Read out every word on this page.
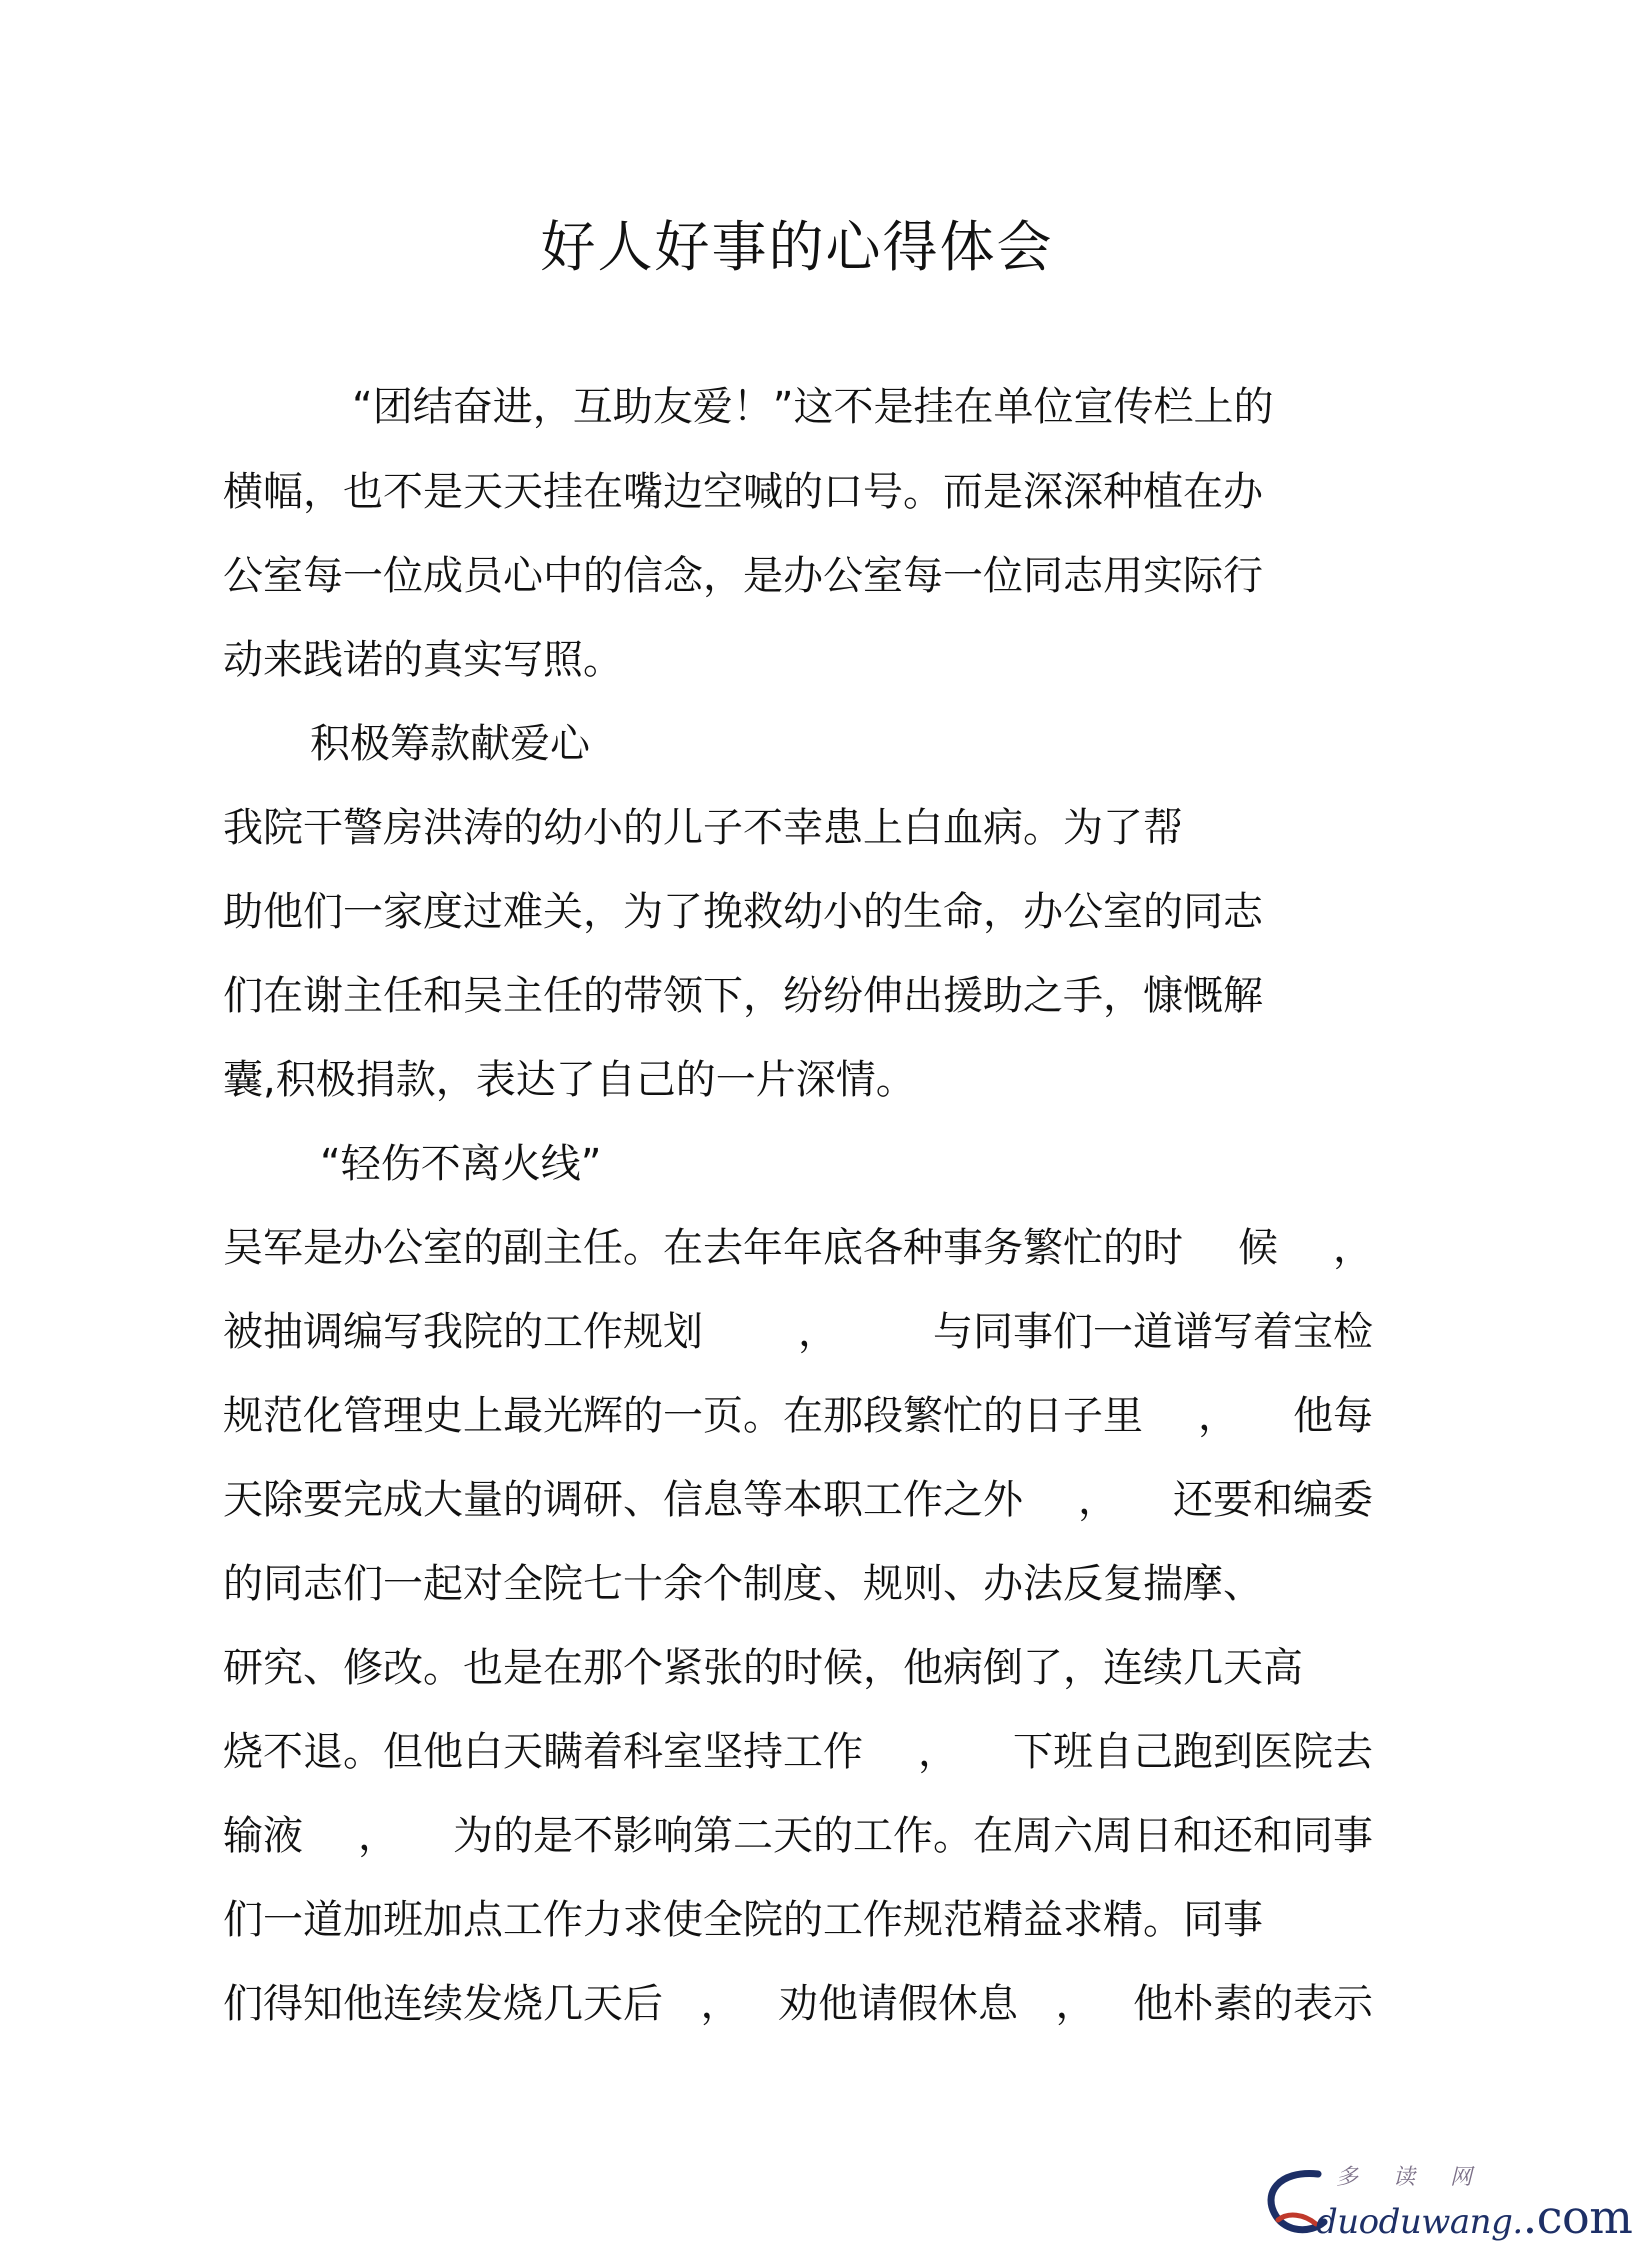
好人好事的心得体会
“团结奋进，互助友爱！”这不是挂在单位宣传栏上的
横幅，也不是天天挂在嘴边空喊的口号。而是深深种植在办
公室每一位成员心中的信念，是办公室每一位同志用实际行
动来践诺的真实写照。
积极筹款献爱心
我院干警房洪涛的幼小的儿子不幸患上白血病。为了帮
助他们一家度过难关，为了挽救幼小的生命，办公室的同志
们在谢主任和吴主任的带领下，纷纷伸出援助之手，慷慨解
囊,积极捐款，表达了自己的一片深情。
“轻伤不离火线”
吴军是办公室的副主任。在去年年底各种事务繁忙的时 候 ，
被抽调编写我院的工作规划 ， 与同事们一道谱写着宝检
规范化管理史上最光辉的一页。在那段繁忙的日子里 ， 他每
天除要完成大量的调研、信息等本职工作之外 ， 还要和编委
的同志们一起对全院七十余个制度、规则、办法反复揣摩、
研究、修改。也是在那个紧张的时候，他病倒了，连续几天高
烧不退。但他白天瞒着科室坚持工作 ， 下班自己跑到医院去
输液 ， 为的是不影响第二天的工作。在周六周日和还和同事
们一道加班加点工作力求使全院的工作规范精益求精。同事
们得知他连续发烧几天后 ， 劝他请假休息 ， 他朴素的表示
多 读 网
duoduwang..com
